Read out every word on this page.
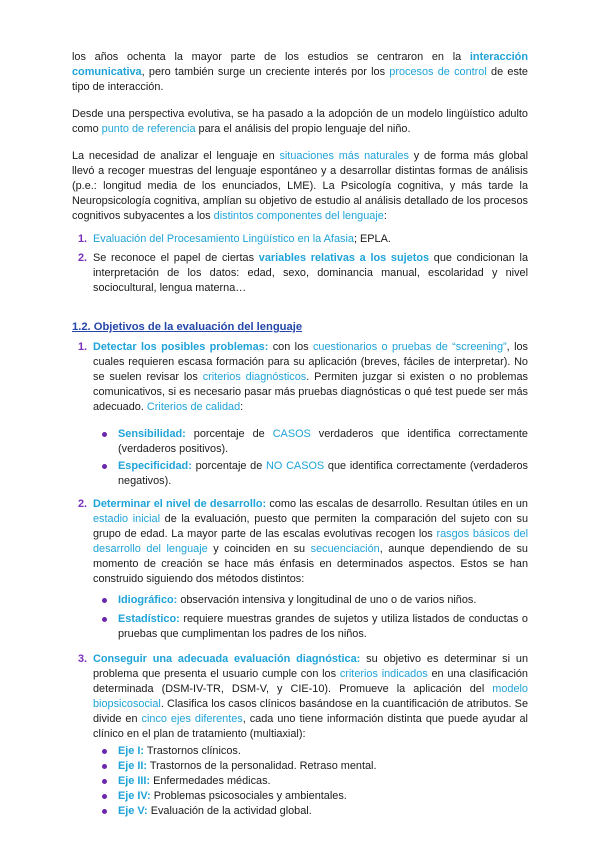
los años ochenta la mayor parte de los estudios se centraron en la interacción comunicativa, pero también surge un creciente interés por los procesos de control de este tipo de interacción.

Desde una perspectiva evolutiva, se ha pasado a la adopción de un modelo lingüístico adulto como punto de referencia para el análisis del propio lenguaje del niño.

La necesidad de analizar el lenguaje en situaciones más naturales y de forma más global llevó a recoger muestras del lenguaje espontáneo y a desarrollar distintas formas de análisis (p.e.: longitud media de los enunciados, LME). La Psicología cognitiva, y más tarde la Neuropsicología cognitiva, amplían su objetivo de estudio al análisis detallado de los procesos cognitivos subyacentes a los distintos componentes del lenguaje:

1. Evaluación del Procesamiento Lingüístico en la Afasia; EPLA.
2. Se reconoce el papel de ciertas variables relativas a los sujetos que condicionan la interpretación de los datos: edad, sexo, dominancia manual, escolaridad y nivel sociocultural, lengua materna…
1.2. Objetivos de la evaluación del lenguaje
1. Detectar los posibles problemas: con los cuestionarios o pruebas de “screening”, los cuales requieren escasa formación para su aplicación (breves, fáciles de interpretar). No se suelen revisar los criterios diagnósticos. Permiten juzgar si existen o no problemas comunicativos, si es necesario pasar más pruebas diagnósticas o qué test puede ser más adecuado. Criterios de calidad:
Sensibilidad: porcentaje de CASOS verdaderos que identifica correctamente (verdaderos positivos).
Especificidad: porcentaje de NO CASOS que identifica correctamente (verdaderos negativos).
2. Determinar el nivel de desarrollo: como las escalas de desarrollo. Resultan útiles en un estadio inicial de la evaluación, puesto que permiten la comparación del sujeto con su grupo de edad. La mayor parte de las escalas evolutivas recogen los rasgos básicos del desarrollo del lenguaje y coinciden en su secuenciación, aunque dependiendo de su momento de creación se hace más énfasis en determinados aspectos. Estos se han construido siguiendo dos métodos distintos:
Idiográfico: observación intensiva y longitudinal de uno o de varios niños.
Estadístico: requiere muestras grandes de sujetos y utiliza listados de conductas o pruebas que cumplimentan los padres de los niños.
3. Conseguir una adecuada evaluación diagnóstica: su objetivo es determinar si un problema que presenta el usuario cumple con los criterios indicados en una clasificación determinada (DSM-IV-TR, DSM-V, y CIE-10). Promueve la aplicación del modelo biopsicosocial. Clasifica los casos clínicos basándose en la cuantificación de atributos. Se divide en cinco ejes diferentes, cada uno tiene información distinta que puede ayudar al clínico en el plan de tratamiento (multiaxial):
Eje I: Trastornos clínicos.
Eje II: Trastornos de la personalidad. Retraso mental.
Eje III: Enfermedades médicas.
Eje IV: Problemas psicosociales y ambientales.
Eje V: Evaluación de la actividad global.
